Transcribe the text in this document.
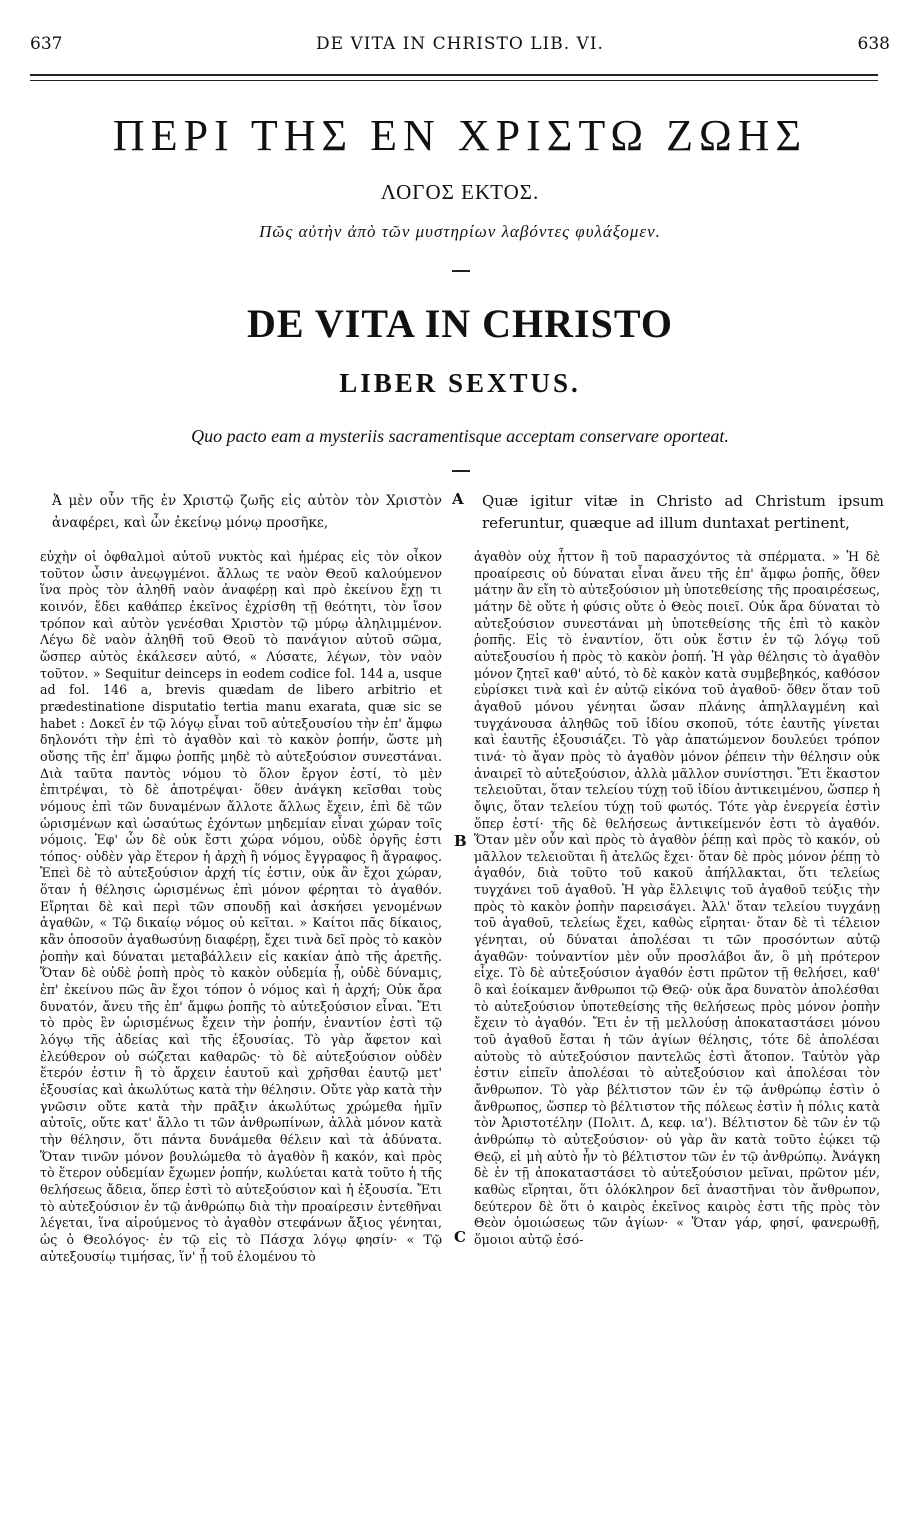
637	DE VITA IN CHRISTO LIB. VI.	638
ΠΕΡΙ ΤΗΣ ΕΝ ΧΡΙΣΤΩ ΖΩΗΣ
ΛΟΓΟΣ ΕΚΤΟΣ.
Πῶς αὐτὴν ἀπὸ τῶν μυστηρίων λαβόντες φυλάξομεν.
DE VITA IN CHRISTO
LIBER SEXTUS.
Quo pacto eam a mysteriis sacramentisque acceptam conservare oporteat.
Ἀ μὲν οὖν τῆς ἐν Χριστῷ ζωῆς εἰς αὐτὸν τὸν Χριστὸν ἀναφέρει, καὶ ὧν ἐκείνῳ μόνῳ προσῆκε,
A Quæ igitur vitæ in Christo ad Christum ipsum referuntur, quæque ad illum duntaxat pertinent,

εὐχὴν οἱ ὀφθαλμοὶ αὐτοῦ νυκτὸς καὶ ἡμέρας εἰς τὸν οἶκον τοῦτον ὦσιν ἀνεῳγμένοι. ἄλλως τε ναὸν Θεοῦ καλούμενον ἵνα πρὸς τὸν ἀληθῆ ναὸν ἀναφέρῃ καὶ πρὸ ἐκείνου ἔχῃ τι κοινόν, ἔδει καθάπερ ἐκεῖνος ἐχρίσθη τῇ θεότητι, τὸν ἴσον τρόπον καὶ αὐτὸν γενέσθαι Χριστὸν τῷ μύρῳ ἀληλιμμένον. Λέγω δὲ ναὸν ἀληθῆ τοῦ Θεοῦ τὸ πανάγιον αὐτοῦ σῶμα, ὥσπερ αὐτὸς ἐκάλεσεν αὐτό, « Λύσατε, λέγων, τὸν ναὸν τοῦτον. » Sequitur deinceps in eodem codice fol. 144 a, usque ad fol. 146 a, brevis quædam de libero arbitrio et prædestinatione disputatio tertia manu exarata, quæ sic se habet : Δοκεῖ ἐν τῷ λόγῳ εἶναι τοῦ αὐτεξουσίου τὴν ἐπ' ἄμφω δηλονότι τὴν ἐπὶ τὸ ἀγαθὸν καὶ τὸ κακὸν ῥοπήν, ὥστε μὴ οὔσης τῆς ἐπ' ἄμφω ῥοπῆς μηδὲ τὸ αὐτεξούσιον συνεστάναι. Διὰ ταῦτα παντὸς νόμου τὸ ὅλον ἔργον ἐστί, τὸ μὲν ἐπιτρέψαι, τὸ δὲ ἀποτρέψαι· ὅθεν ἀνάγκη κεῖσθαι τοὺς νόμους ἐπὶ τῶν δυναμένων ἄλλοτε ἄλλως ἔχειν, ἐπὶ δὲ τῶν ὡρισμένων καὶ ὡσαύτως ἐχόντων μηδεμίαν εἶναι χώραν τοῖς νόμοις. Ἐφ' ὧν δὲ οὐκ ἔστι χώρα νόμου, οὐδὲ ὀργῆς ἐστι τόπος· οὐδὲν γὰρ ἕτερον ἡ ἀρχὴ ἢ νόμος ἔγγραφος ἢ ἄγραφος. Ἐπεὶ δὲ τὸ αὐτεξούσιον ἀρχή τίς ἐστιν, οὐκ ἂν ἔχοι χώραν, ὅταν ἡ θέλησις ὡρισμένως ἐπὶ μόνον φέρηται τὸ ἀγαθόν. Εἴρηται δὲ καὶ περὶ τῶν σπουδῇ καὶ ἀσκήσει γενομένων ἀγαθῶν, « Τῷ δικαίῳ νόμος οὐ κεῖται. » Καίτοι πᾶς δίκαιος, κἂν ὁποσοῦν ἀγαθωσύνῃ διαφέρῃ, ἔχει τινὰ δεῖ πρὸς τὸ κακὸν ῥοπὴν καὶ δύναται μεταβάλλειν εἰς κακίαν ἀπὸ τῆς ἀρετῆς. Ὅταν δὲ οὐδὲ ῥοπὴ πρὸς τὸ κακὸν οὐδεμία ᾖ, οὐδὲ δύναμις, ἐπ' ἐκείνου πῶς ἂν ἔχοι τόπον ὁ νόμος καὶ ἡ ἀρχή; Οὐκ ἄρα δυνατόν, ἄνευ τῆς ἐπ' ἄμφω ῥοπῆς τὸ αὐτεξούσιον εἶναι. Ἔτι τὸ πρὸς ἓν ὡρισμένως ἔχειν τὴν ῥοπήν, ἐναντίον ἐστὶ τῷ λόγῳ τῆς ἀδείας καὶ τῆς ἐξουσίας. Τὸ γὰρ ἄφετον καὶ ἐλεύθερον οὐ σώζεται καθαρῶς· τὸ δὲ αὐτεξούσιον οὐδὲν ἕτερόν ἐστιν ἢ τὸ ἄρχειν ἑαυτοῦ καὶ χρῆσθαι ἑαυτῷ μετ' ἐξουσίας καὶ ἀκωλύτως κατὰ τὴν θέλησιν. Οὔτε γὰρ κατὰ τὴν γνῶσιν οὔτε κατὰ τὴν πρᾶξιν ἀκωλύτως χρώμεθα ἡμῖν αὐτοῖς, οὔτε κατ' ἄλλο τι τῶν ἀνθρωπίνων, ἀλλὰ μόνον κατὰ τὴν θέλησιν, ὅτι πάντα δυνάμεθα θέλειν καὶ τὰ ἀδύνατα. Ὅταν τινῶν μόνον βουλώμεθα τὸ ἀγαθὸν ἢ κακόν, καὶ πρὸς τὸ ἕτερον οὐδεμίαν ἔχωμεν ῥοπήν, κωλύεται κατὰ τοῦτο ἡ τῆς θελήσεως ἄδεια, ὅπερ ἐστὶ τὸ αὐτεξούσιον καὶ ἡ ἐξουσία. Ἔτι τὸ αὐτεξούσιον ἐν τῷ ἀνθρώπῳ διὰ τὴν προαίρεσιν ἐντεθῆναι λέγεται, ἵνα αἱρούμενος τὸ ἀγαθὸν στεφάνων ἄξιος γένηται, ὡς ὁ Θεολόγος· ἐν τῷ εἰς τὸ Πάσχα λόγῳ φησίν· « Τῷ αὐτεξουσίῳ τιμήσας, ἵν' ᾖ τοῦ ἑλομένου τὸ

B
C

ἀγαθὸν οὐχ ἧττον ἢ τοῦ παρασχόντος τὰ σπέρματα. » Ἡ δὲ προαίρεσις οὐ δύναται εἶναι ἄνευ τῆς ἐπ' ἄμφω ῥοπῆς, ὅθεν μάτην ἂν εἴη τὸ αὐτεξούσιον μὴ ὑποτεθείσης τῆς προαιρέσεως, μάτην δὲ οὔτε ἡ φύσις οὔτε ὁ Θεὸς ποιεῖ. Οὐκ ἄρα δύναται τὸ αὐτεξούσιον συνεστάναι μὴ ὑποτεθείσης τῆς ἐπὶ τὸ κακὸν ῥοπῆς. Εἰς τὸ ἐναντίον, ὅτι οὐκ ἔστιν ἐν τῷ λόγῳ τοῦ αὐτεξουσίου ἡ πρὸς τὸ κακὸν ῥοπή. Ἡ γὰρ θέλησις τὸ ἀγαθὸν μόνον ζητεῖ καθ' αὑτό, τὸ δὲ κακὸν κατὰ συμβεβηκός, καθόσον εὑρίσκει τινὰ καὶ ἐν αὐτῷ εἰκόνα τοῦ ἀγαθοῦ· ὅθεν ὅταν τοῦ ἀγαθοῦ μόνου γένηται ὥσαν πλάνης ἀπηλλαγμένη καὶ τυγχάνουσα ἀληθῶς τοῦ ἰδίου σκοποῦ, τότε ἑαυτῆς γίνεται καὶ ἑαυτῆς ἐξουσιάζει. Τὸ γὰρ ἁπατώμενον δουλεύει τρόπον τινά· τὸ ἄγαν πρὸς τὸ ἀγαθὸν μόνον ῥέπειν τὴν θέλησιν οὐκ ἀναιρεῖ τὸ αὐτεξούσιον, ἀλλὰ μᾶλλον συνίστησι. Ἔτι ἕκαστον τελειοῦται, ὅταν τελείου τύχῃ τοῦ ἰδίου ἀντικειμένου, ὥσπερ ἡ ὄψις, ὅταν τελείου τύχῃ τοῦ φωτός. Τότε γὰρ ἐνεργεία ἐστὶν ὅπερ ἐστί· τῆς δὲ θελήσεως ἀντικείμενόν ἐστι τὸ ἀγαθόν. Ὅταν μὲν οὖν καὶ πρὸς τὸ ἀγαθὸν ῥέπῃ καὶ πρὸς τὸ κακόν, οὐ μᾶλλον τελειοῦται ἢ ἀτελῶς ἔχει· ὅταν δὲ πρὸς μόνον ῥέπῃ τὸ ἀγαθόν, διὰ τοῦτο τοῦ κακοῦ ἀπήλλακται, ὅτι τελείως τυγχάνει τοῦ ἀγαθοῦ. Ἡ γὰρ ἔλλειψις τοῦ ἀγαθοῦ τεύξις τὴν πρὸς τὸ κακὸν ῥοπὴν παρεισάγει. Ἀλλ' ὅταν τελείου τυγχάνῃ τοῦ ἀγαθοῦ, τελείως ἔχει, καθὼς εἴρηται· ὅταν δὲ τὶ τέλειον γένηται, οὐ δύναται ἀπολέσαι τι τῶν προσόντων αὐτῷ ἀγαθῶν· τοὐναντίον μὲν οὖν προσλάβοι ἄν, ὃ μὴ πρότερον εἶχε. Τὸ δὲ αὐτεξούσιον ἀγαθόν ἐστι πρῶτον τῇ θελήσει, καθ' ὃ καὶ ἐοίκαμεν ἄνθρωποι τῷ Θεῷ· οὐκ ἄρα δυνατὸν ἀπολέσθαι τὸ αὐτεξούσιον ὑποτεθείσης τῆς θελήσεως πρὸς μόνον ῥοπὴν ἔχειν τὸ ἀγαθόν. Ἔτι ἐν τῇ μελλούσῃ ἀποκαταστάσει μόνου τοῦ ἀγαθοῦ ἔσται ἡ τῶν ἁγίων θέλησις, τότε δὲ ἀπολέσαι αὐτοὺς τὸ αὐτεξούσιον παντελῶς ἐστὶ ἄτοπον. Ταὐτὸν γὰρ ἐστιν εἰπεῖν ἀπολέσαι τὸ αὐτεξούσιον καὶ ἀπολέσαι τὸν ἄνθρωπον. Τὸ γὰρ βέλτιστον τῶν ἐν τῷ ἀνθρώπῳ ἐστὶν ὁ ἄνθρωπος, ὥσπερ τὸ βέλτιστον τῆς πόλεως ἐστὶν ἡ πόλις κατὰ τὸν Ἀριστοτέλην (Πολιτ. Δ, κεφ. ια'). Βέλτιστον δὲ τῶν ἐν τῷ ἀνθρώπῳ τὸ αὐτεξούσιον· οὐ γὰρ ἂν κατὰ τοῦτο ἐῴκει τῷ Θεῷ, εἰ μὴ αὐτὸ ἦν τὸ βέλτιστον τῶν ἐν τῷ ἀνθρώπῳ. Ἀνάγκη δὲ ἐν τῇ ἀποκαταστάσει τὸ αὐτεξούσιον μεῖναι, πρῶτον μέν, καθὼς εἴρηται, ὅτι ὁλόκληρον δεῖ ἀναστῆναι τὸν ἄνθρωπον, δεύτερον δὲ ὅτι ὁ καιρὸς ἐκεῖνος καιρὸς ἐστι τῆς πρὸς τὸν Θεὸν ὁμοιώσεως τῶν ἁγίων· « Ὅταν γάρ, φησί, φανερωθῇ, ὅμοιοι αὐτῷ ἐσό-
